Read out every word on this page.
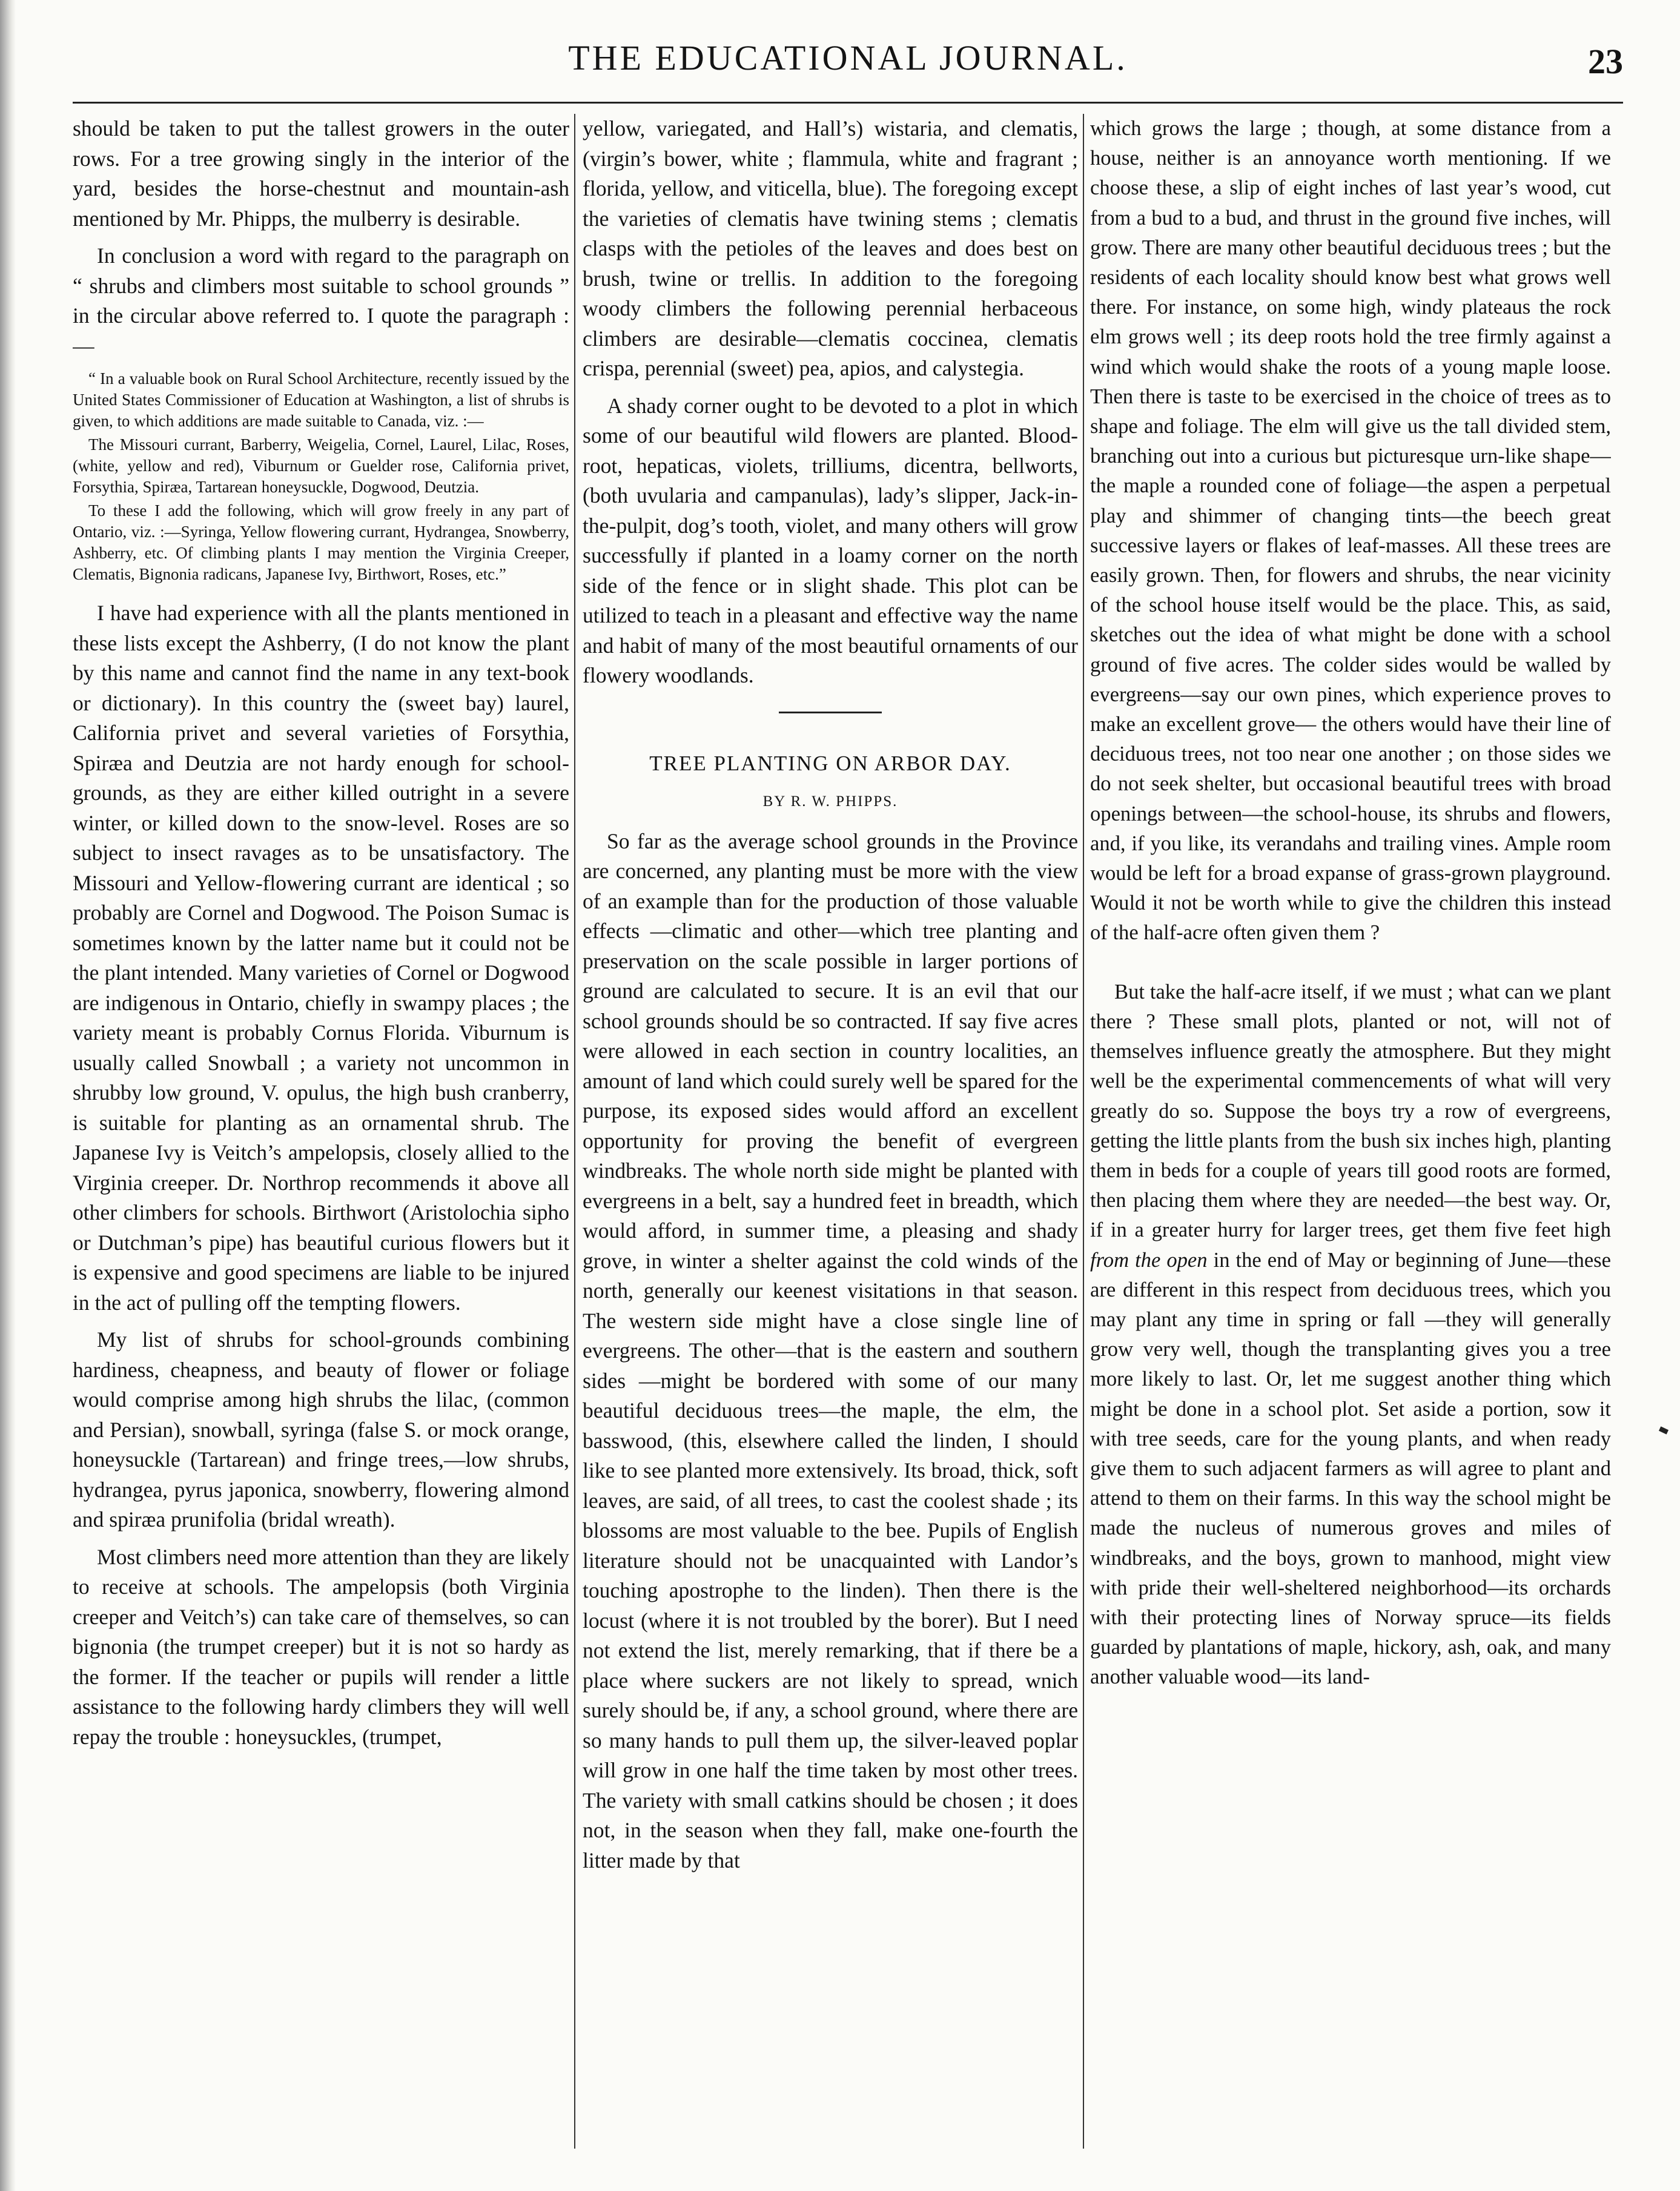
THE EDUCATIONAL JOURNAL.	23

should be taken to put the tallest growers in the outer rows. For a tree growing singly in the interior of the yard, besides the horse-chestnut and mountain-ash mentioned by Mr. Phipps, the mulberry is desirable.

In conclusion a word with regard to the paragraph on “ shrubs and climbers most suitable to school grounds ” in the circular above referred to. I quote the paragraph :—

“ In a valuable book on Rural School Architecture, recently issued by the United States Commissioner of Education at Washington, a list of shrubs is given, to which additions are made suitable to Canada, viz. :—

The Missouri currant, Barberry, Weigelia, Cornel, Laurel, Lilac, Roses, (white, yellow and red), Viburnum or Guelder rose, California privet, Forsythia, Spiræa, Tartarean honeysuckle, Dogwood, Deutzia.

To these I add the following, which will grow freely in any part of Ontario, viz. :—Syringa, Yellow flowering currant, Hydrangea, Snowberry, Ashberry, etc. Of climbing plants I may mention the Virginia Creeper, Clematis, Bignonia radicans, Japanese Ivy, Birthwort, Roses, etc.”

I have had experience with all the plants mentioned in these lists except the Ashberry, (I do not know the plant by this name and cannot find the name in any text-book or dictionary). In this country the (sweet bay) laurel, California privet and several varieties of Forsythia, Spiræa and Deutzia are not hardy enough for school-grounds, as they are either killed outright in a severe winter, or killed down to the snow-level. Roses are so subject to insect ravages as to be unsatisfactory. The Missouri and Yellow-flowering currant are identical ; so probably are Cornel and Dogwood. The Poison Sumac is sometimes known by the latter name but it could not be the plant intended. Many varieties of Cornel or Dogwood are indigenous in Ontario, chiefly in swampy places ; the variety meant is probably Cornus Florida. Viburnum is usually called Snowball ; a variety not uncommon in shrubby low ground, V. opulus, the high bush cranberry, is suitable for planting as an ornamental shrub. The Japanese Ivy is Veitch’s ampelopsis, closely allied to the Virginia creeper. Dr. Northrop recommends it above all other climbers for schools. Birthwort (Aristolochia sipho or Dutchman’s pipe) has beautiful curious flowers but it is expensive and good specimens are liable to be injured in the act of pulling off the tempting flowers.

My list of shrubs for school-grounds combining hardiness, cheapness, and beauty of flower or foliage would comprise among high shrubs the lilac, (common and Persian), snowball, syringa (false S. or mock orange, honeysuckle (Tartarean) and fringe trees,—low shrubs, hydrangea, pyrus japonica, snowberry, flowering almond and spiræa prunifolia (bridal wreath).

Most climbers need more attention than they are likely to receive at schools. The ampelopsis (both Virginia creeper and Veitch’s) can take care of themselves, so can bignonia (the trumpet creeper) but it is not so hardy as the former. If the teacher or pupils will render a little assistance to the following hardy climbers they will well repay the trouble : honeysuckles, (trumpet,

yellow, variegated, and Hall’s) wistaria, and clematis, (virgin’s bower, white ; flammula, white and fragrant ; florida, yellow, and viticella, blue). The foregoing except the varieties of clematis have twining stems ; clematis clasps with the petioles of the leaves and does best on brush, twine or trellis. In addition to the foregoing woody climbers the following perennial herbaceous climbers are desirable—clematis coccinea, clematis crispa, perennial (sweet) pea, apios, and calystegia.

A shady corner ought to be devoted to a plot in which some of our beautiful wild flowers are planted. Blood-root, hepaticas, violets, trilliums, dicentra, bellworts, (both uvularia and campanulas), lady’s slipper, Jack-in-the-pulpit, dog’s tooth, violet, and many others will grow successfully if planted in a loamy corner on the north side of the fence or in slight shade. This plot can be utilized to teach in a pleasant and effective way the name and habit of many of the most beautiful ornaments of our flowery woodlands.

TREE PLANTING ON ARBOR DAY.
BY R. W. PHIPPS.

So far as the average school grounds in the Province are concerned, any planting must be more with the view of an example than for the production of those valuable effects —climatic and other—which tree planting and preservation on the scale possible in larger portions of ground are calculated to secure. It is an evil that our school grounds should be so contracted. If say five acres were allowed in each section in country localities, an amount of land which could surely well be spared for the purpose, its exposed sides would afford an excellent opportunity for proving the benefit of evergreen windbreaks. The whole north side might be planted with evergreens in a belt, say a hundred feet in breadth, which would afford, in summer time, a pleasing and shady grove, in winter a shelter against the cold winds of the north, generally our keenest visitations in that season. The western side might have a close single line of evergreens. The other—that is the eastern and southern sides —might be bordered with some of our many beautiful deciduous trees—the maple, the elm, the basswood, (this, elsewhere called the linden, I should like to see planted more extensively. Its broad, thick, soft leaves, are said, of all trees, to cast the coolest shade ; its blossoms are most valuable to the bee. Pupils of English literature should not be unacquainted with Landor’s touching apostrophe to the linden). Then there is the locust (where it is not troubled by the borer). But I need not extend the list, merely remarking, that if there be a place where suckers are not likely to spread, wnich surely should be, if any, a school ground, where there are so many hands to pull them up, the silver-leaved poplar will grow in one half the time taken by most other trees. The variety with small catkins should be chosen ; it does not, in the season when they fall, make one-fourth the litter made by that

which grows the large ; though, at some distance from a house, neither is an annoyance worth mentioning. If we choose these, a slip of eight inches of last year’s wood, cut from a bud to a bud, and thrust in the ground five inches, will grow. There are many other beautiful deciduous trees ; but the residents of each locality should know best what grows well there. For instance, on some high, windy plateaus the rock elm grows well ; its deep roots hold the tree firmly against a wind which would shake the roots of a young maple loose. Then there is taste to be exercised in the choice of trees as to shape and foliage. The elm will give us the tall divided stem, branching out into a curious but picturesque urn-like shape—the maple a rounded cone of foliage—the aspen a perpetual play and shimmer of changing tints—the beech great successive layers or flakes of leaf-masses. All these trees are easily grown. Then, for flowers and shrubs, the near vicinity of the school house itself would be the place. This, as said, sketches out the idea of what might be done with a school ground of five acres. The colder sides would be walled by evergreens—say our own pines, which experience proves to make an excellent grove— the others would have their line of deciduous trees, not too near one another ; on those sides we do not seek shelter, but occasional beautiful trees with broad openings between—the school-house, its shrubs and flowers, and, if you like, its verandahs and trailing vines. Ample room would be left for a broad expanse of grass-grown playground. Would it not be worth while to give the children this instead of the half-acre often given them ?

But take the half-acre itself, if we must ; what can we plant there ? These small plots, planted or not, will not of themselves influence greatly the atmosphere. But they might well be the experimental commencements of what will very greatly do so. Suppose the boys try a row of evergreens, getting the little plants from the bush six inches high, planting them in beds for a couple of years till good roots are formed, then placing them where they are needed—the best way. Or, if in a greater hurry for larger trees, get them five feet high from the open in the end of May or beginning of June—these are different in this respect from deciduous trees, which you may plant any time in spring or fall —they will generally grow very well, though the transplanting gives you a tree more likely to last. Or, let me suggest another thing which might be done in a school plot. Set aside a portion, sow it with tree seeds, care for the young plants, and when ready give them to such adjacent farmers as will agree to plant and attend to them on their farms. In this way the school might be made the nucleus of numerous groves and miles of windbreaks, and the boys, grown to manhood, might view with pride their well-sheltered neighborhood—its orchards with their protecting lines of Norway spruce—its fields guarded by plantations of maple, hickory, ash, oak, and many another valuable wood—its land-
